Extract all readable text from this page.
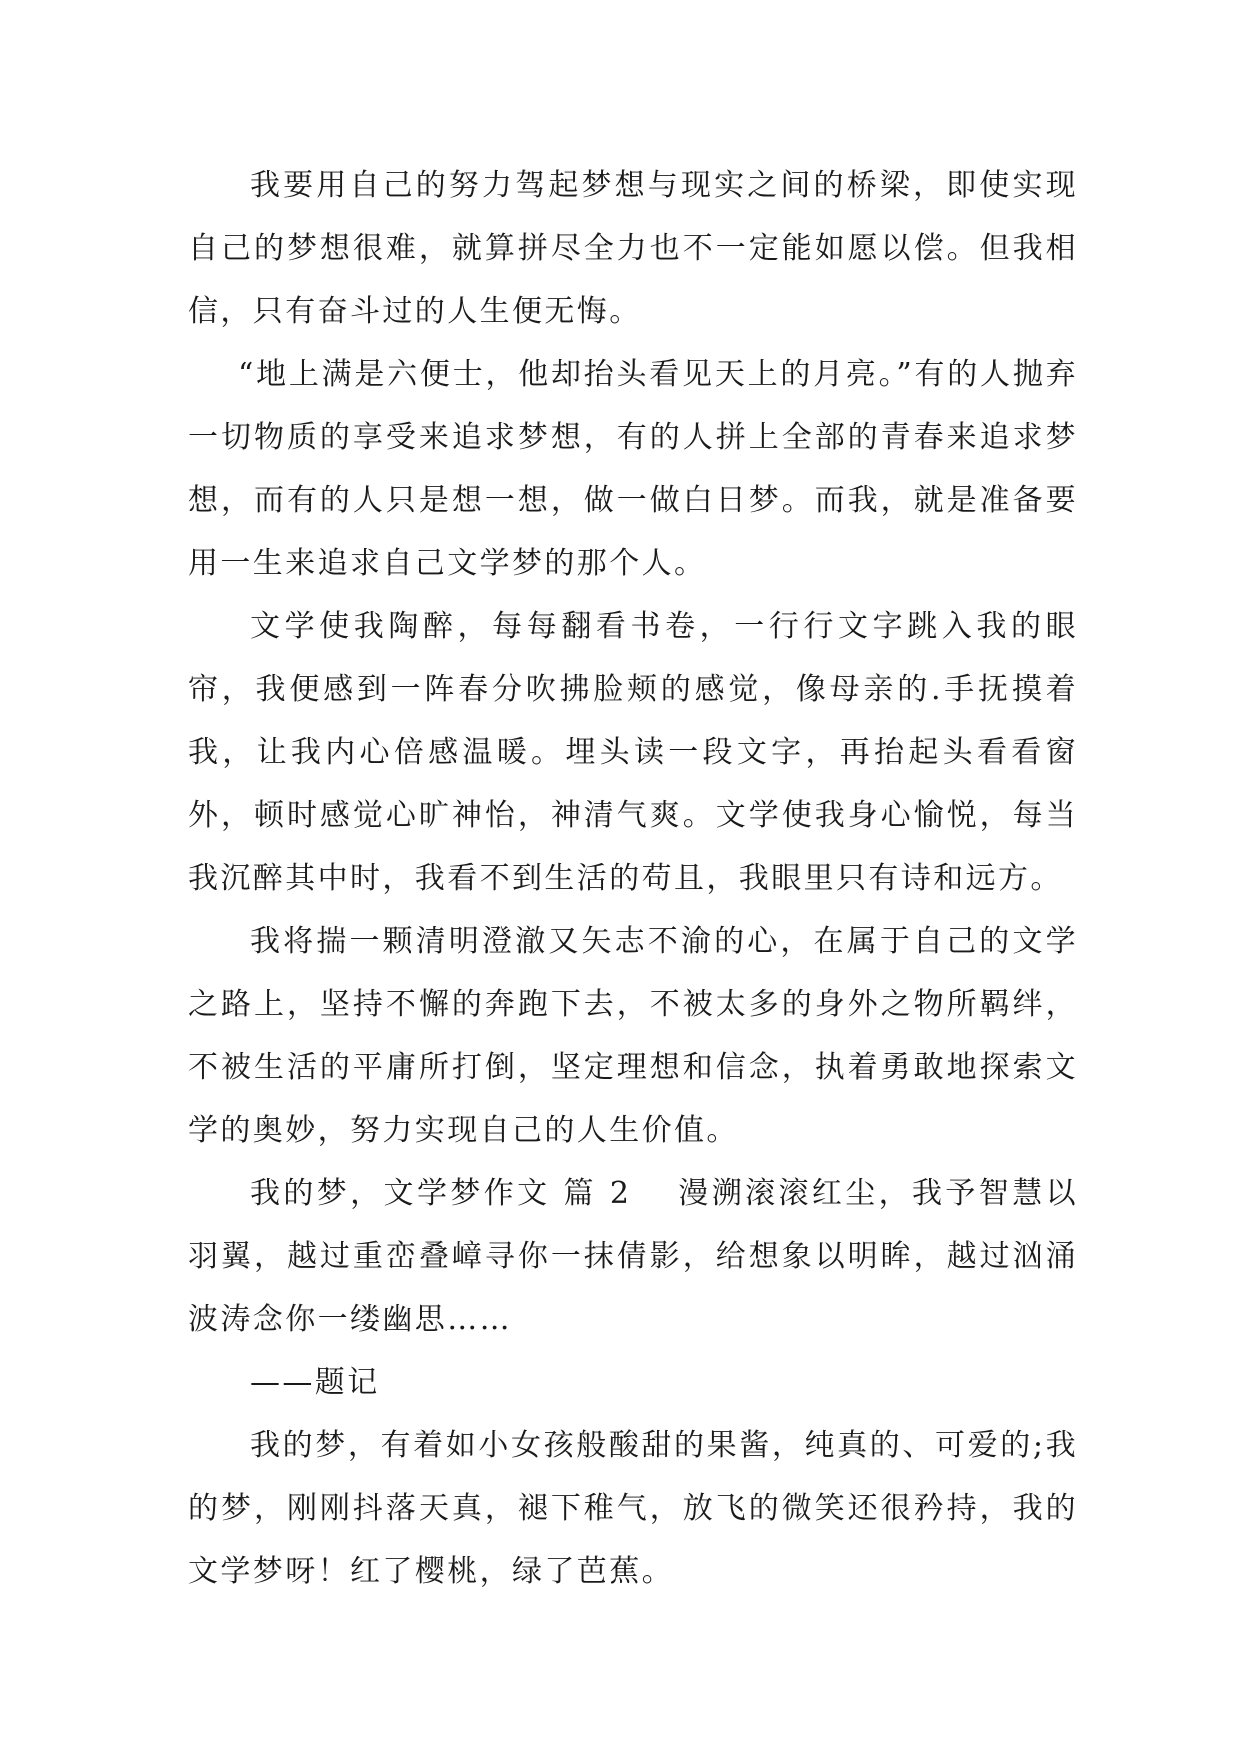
我要用自己的努力驾起梦想与现实之间的桥梁，即使实现自己的梦想很难，就算拼尽全力也不一定能如愿以偿。但我相信，只有奋斗过的人生便无悔。

“地上满是六便士，他却抬头看见天上的月亮。”有的人抛弃一切物质的享受来追求梦想，有的人拼上全部的青春来追求梦想，而有的人只是想一想，做一做白日梦。而我，就是准备要用一生来追求自己文学梦的那个人。

文学使我陶醉，每每翻看书卷，一行行文字跳入我的眼帘，我便感到一阵春分吹拂脸颊的感觉，像母亲的.手抚摸着我，让我内心倍感温暖。埋头读一段文字，再抬起头看看窗外，顿时感觉心旷神怡，神清气爽。文学使我身心愉悦，每当我沉醉其中时，我看不到生活的苟且，我眼里只有诗和远方。

我将揣一颗清明澄澈又矢志不渝的心，在属于自己的文学之路上，坚持不懈的奔跑下去，不被太多的身外之物所羁绊，不被生活的平庸所打倒，坚定理想和信念，执着勇敢地探索文学的奥妙，努力实现自己的人生价值。

我的梦，文学梦作文 篇 2 漫溯滚滚红尘，我予智慧以羽翼，越过重峦叠嶂寻你一抹倩影，给想象以明眸，越过汹涌波涛念你一缕幽思……

——题记

我的梦，有着如小女孩般酸甜的果酱，纯真的、可爱的;我的梦，刚刚抖落天真，褪下稚气，放飞的微笑还很矜持，我的文学梦呀！红了樱桃，绿了芭蕉。
